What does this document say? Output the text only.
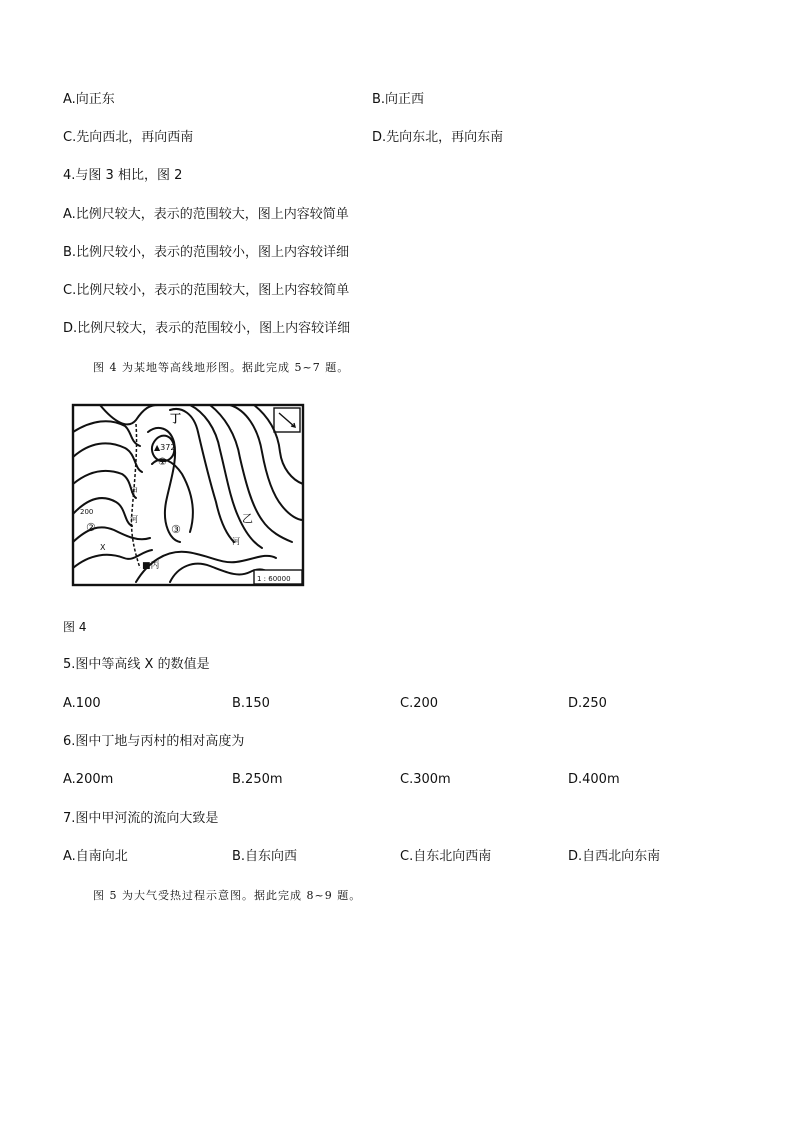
A.向正东	B.向正西
C.先向西北，再向西南	D.先向东北，再向东南
4.与图 3 相比，图 2
A.比例尺较大，表示的范围较大，图上内容较简单
B.比例尺较小，表示的范围较小，图上内容较详细
C.比例尺较小，表示的范围较大，图上内容较简单
D.比例尺较大，表示的范围较小，图上内容较详细
图 4 为某地等高线地形图。据此完成 5~7 题。
丁
▲372
①
②	③
甲
河
河
乙
200
X
■丙
1 : 60000
图 4
5.图中等高线 X 的数值是
A.100	B.150	C.200	D.250
6.图中丁地与丙村的相对高度为
A.200m	B.250m	C.300m	D.400m
7.图中甲河流的流向大致是
A.自南向北	B.自东向西	C.自东北向西南	D.自西北向东南
图 5 为大气受热过程示意图。据此完成 8~9 题。
